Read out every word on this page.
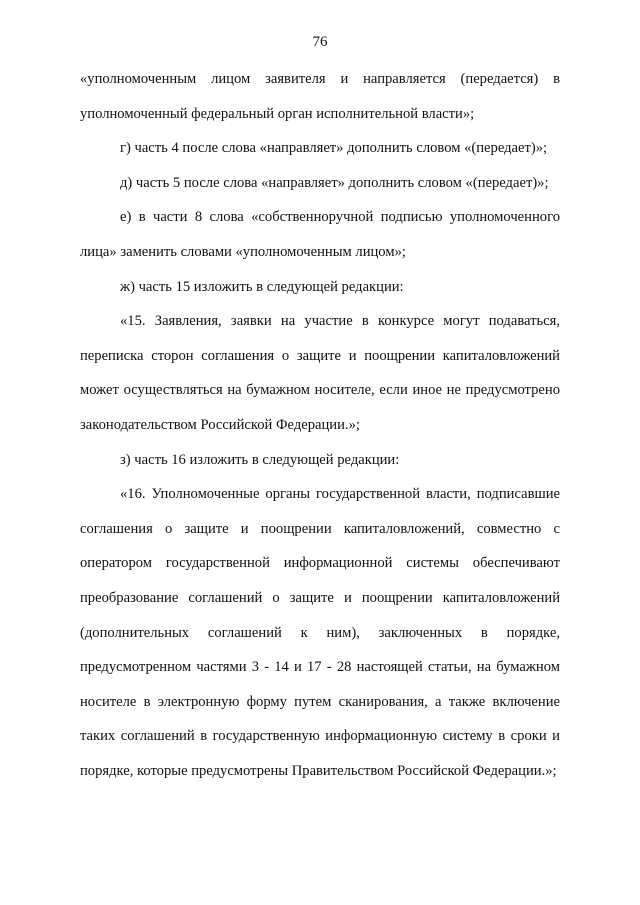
76

«уполномоченным лицом заявителя и направляется (передается) в уполномоченный федеральный орган исполнительной власти»;

г) часть 4 после слова «направляет» дополнить словом «(передает)»;

д) часть 5 после слова «направляет» дополнить словом «(передает)»;

е) в части 8 слова «собственноручной подписью уполномоченного лица» заменить словами «уполномоченным лицом»;

ж) часть 15 изложить в следующей редакции:

«15. Заявления, заявки на участие в конкурсе могут подаваться, переписка сторон соглашения о защите и поощрении капиталовложений может осуществляться на бумажном носителе, если иное не предусмотрено законодательством Российской Федерации.»;

з) часть 16 изложить в следующей редакции:

«16. Уполномоченные органы государственной власти, подписавшие соглашения о защите и поощрении капиталовложений, совместно с оператором государственной информационной системы обеспечивают преобразование соглашений о защите и поощрении капиталовложений (дополнительных соглашений к ним), заключенных в порядке, предусмотренном частями 3 - 14 и 17 - 28 настоящей статьи, на бумажном носителе в электронную форму путем сканирования, а также включение таких соглашений в государственную информационную систему в сроки и порядке, которые предусмотрены Правительством Российской Федерации.»;
